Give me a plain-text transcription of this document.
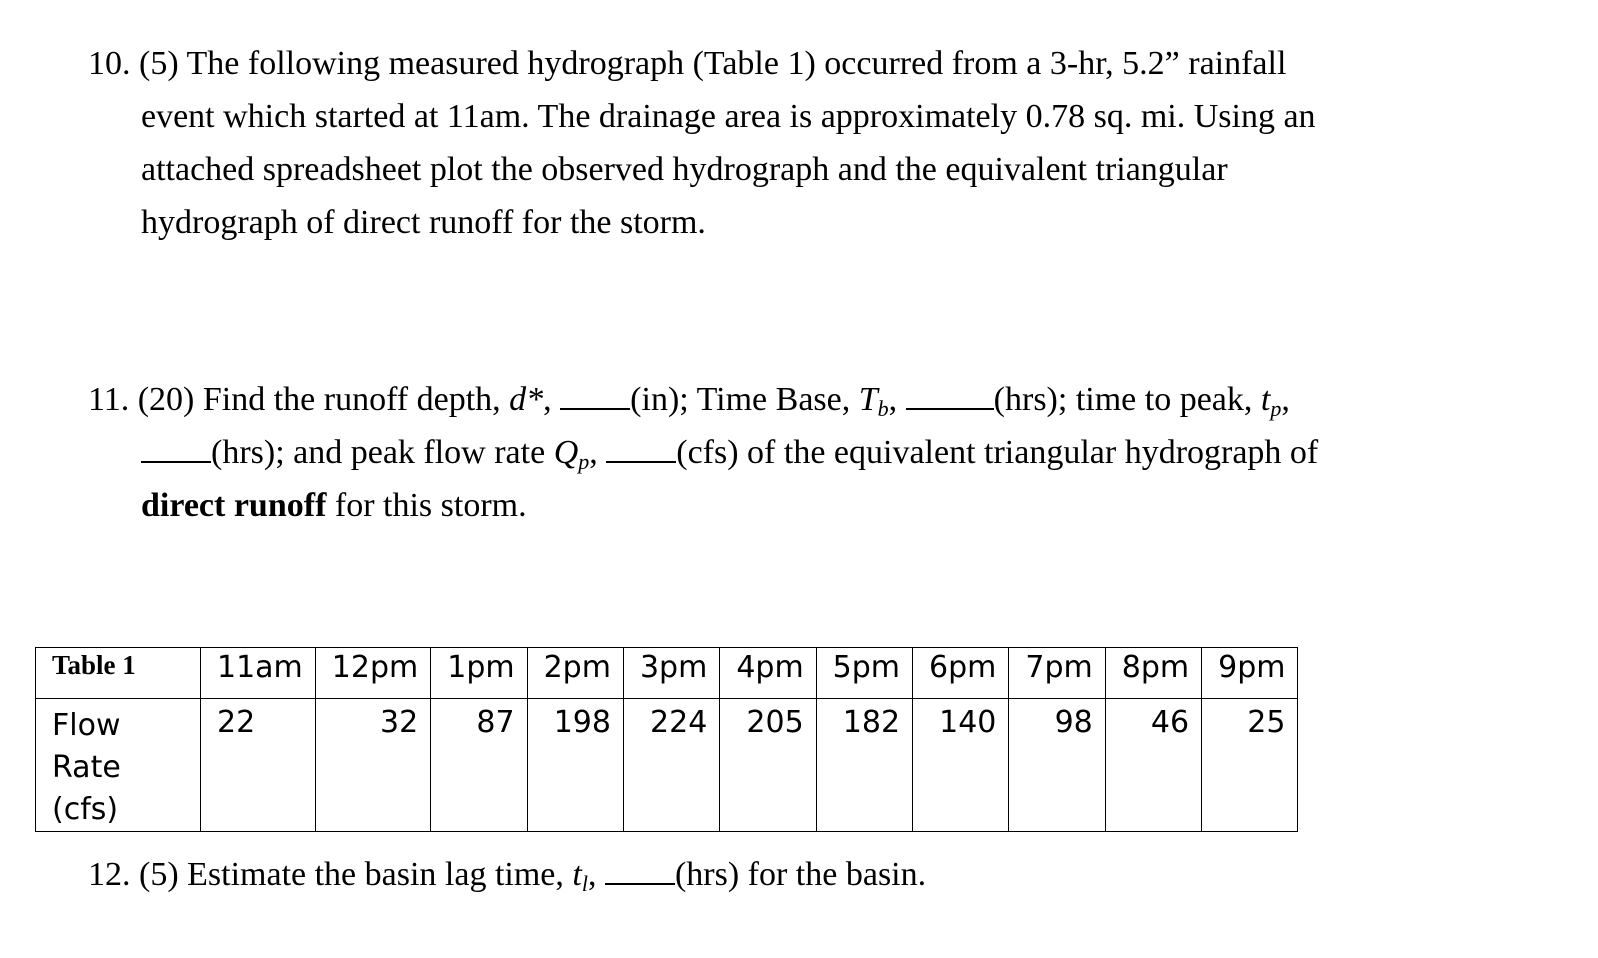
10. (5) The following measured hydrograph (Table 1) occurred from a 3-hr, 5.2” rainfall
event which started at 11am. The drainage area is approximately 0.78 sq. mi. Using an
attached spreadsheet plot the observed hydrograph and the equivalent triangular
hydrograph of direct runoff for the storm.
11. (20) Find the runoff depth, d*, (in); Time Base, $T_b$,	(hrs); time to peak, $t_p$,
(hrs); and peak flow rate $Q_p$, (cfs) of the equivalent triangular hydrograph of
direct runoff for this storm.
Table 1	11am	12pm	1pm	2pm	3pm	4pm	5pm	6pm	7pm	8pm	9pm
Flow
Rate (cfs)	22	32	87	198	224	205	182	140	98	46	25
12. (5) Estimate the basin lag time, $t_l$, (hrs) for the basin.
